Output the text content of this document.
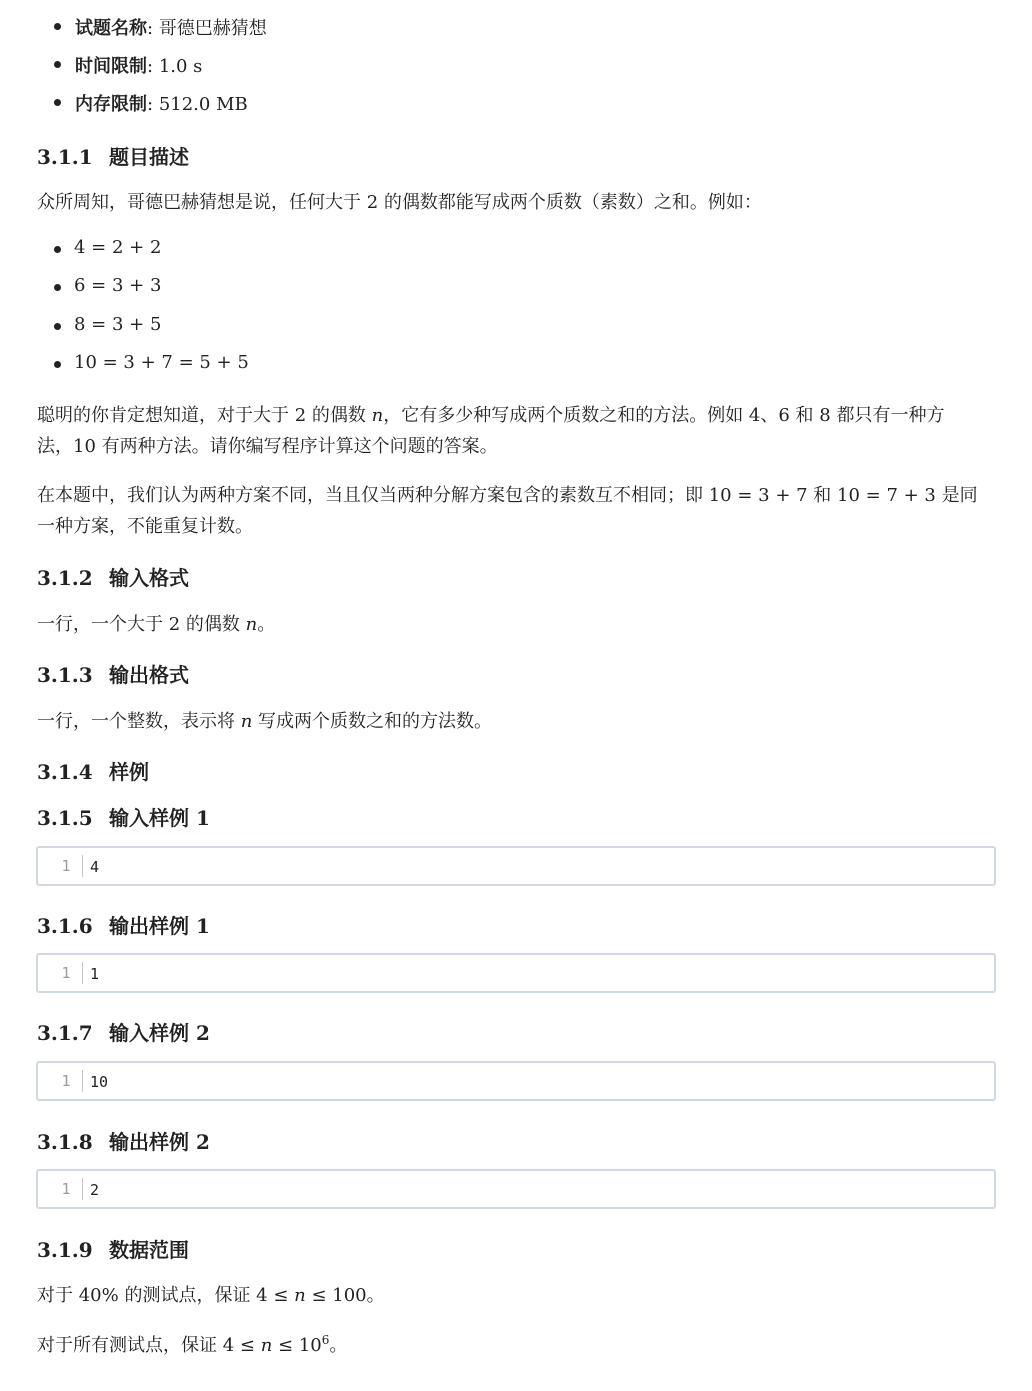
试题名称: 哥德巴赫猜想
时间限制: 1.0 s
内存限制: 512.0 MB
3.1.1 题目描述
众所周知，哥德巴赫猜想是说，任何大于 2 的偶数都能写成两个质数（素数）之和。例如：
4 = 2 + 2
6 = 3 + 3
8 = 3 + 5
10 = 3 + 7 = 5 + 5
聪明的你肯定想知道，对于大于 2 的偶数 𝑛，它有多少种写成两个质数之和的方法。例如 4、6 和 8 都只有一种方
法，10 有两种方法。请你编写程序计算这个问题的答案。
在本题中，我们认为两种方案不同，当且仅当两种分解方案包含的素数互不相同；即 10 = 3 + 7 和 10 = 7 + 3 是同
一种方案，不能重复计数。
3.1.2 输入格式
一行，一个大于 2 的偶数 𝑛。
3.1.3 输出格式
一行，一个整数，表示将 𝑛 写成两个质数之和的方法数。
3.1.4 样例
3.1.5 输入样例 1
1	4
3.1.6 输出样例 1
1	1
3.1.7 输入样例 2
1	10
3.1.8 输出样例 2
1	2
3.1.9 数据范围
对于 40% 的测试点，保证 4 ≤ 𝑛 ≤ 100。
对于所有测试点，保证 4 ≤ 𝑛 ≤ $10^6$。
